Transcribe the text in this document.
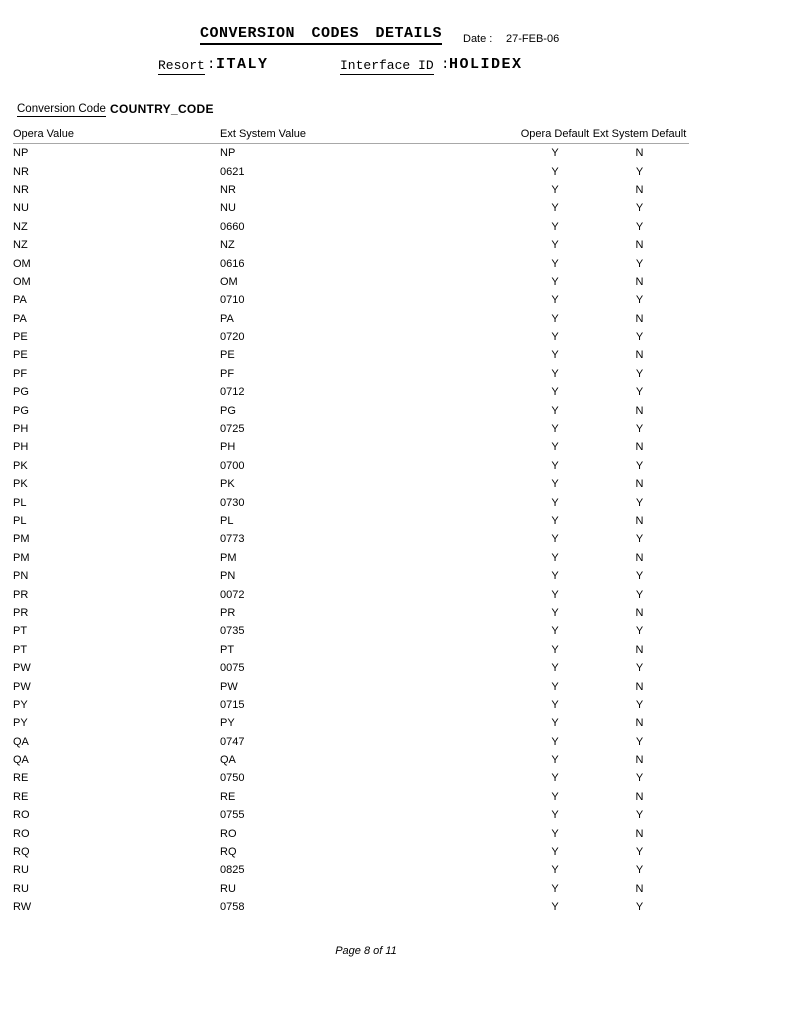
CONVERSION CODES DETAILS Date : 27-FEB-06
Resort : ITALY	Interface ID : HOLIDEX
Conversion Code COUNTRY_CODE
Opera Value	Ext System Value	Opera Default	Ext System Default
NP	NP	Y	N
NR	0621	Y	Y
NR	NR	Y	N
NU	NU	Y	Y
NZ	0660	Y	Y
NZ	NZ	Y	N
OM	0616	Y	Y
OM	OM	Y	N
PA	0710	Y	Y
PA	PA	Y	N
PE	0720	Y	Y
PE	PE	Y	N
PF	PF	Y	Y
PG	0712	Y	Y
PG	PG	Y	N
PH	0725	Y	Y
PH	PH	Y	N
PK	0700	Y	Y
PK	PK	Y	N
PL	0730	Y	Y
PL	PL	Y	N
PM	0773	Y	Y
PM	PM	Y	N
PN	PN	Y	Y
PR	0072	Y	Y
PR	PR	Y	N
PT	0735	Y	Y
PT	PT	Y	N
PW	0075	Y	Y
PW	PW	Y	N
PY	0715	Y	Y
PY	PY	Y	N
QA	0747	Y	Y
QA	QA	Y	N
RE	0750	Y	Y
RE	RE	Y	N
RO	0755	Y	Y
RO	RO	Y	N
RQ	RQ	Y	Y
RU	0825	Y	Y
RU	RU	Y	N
RW	0758	Y	Y
Page 8 of 11
